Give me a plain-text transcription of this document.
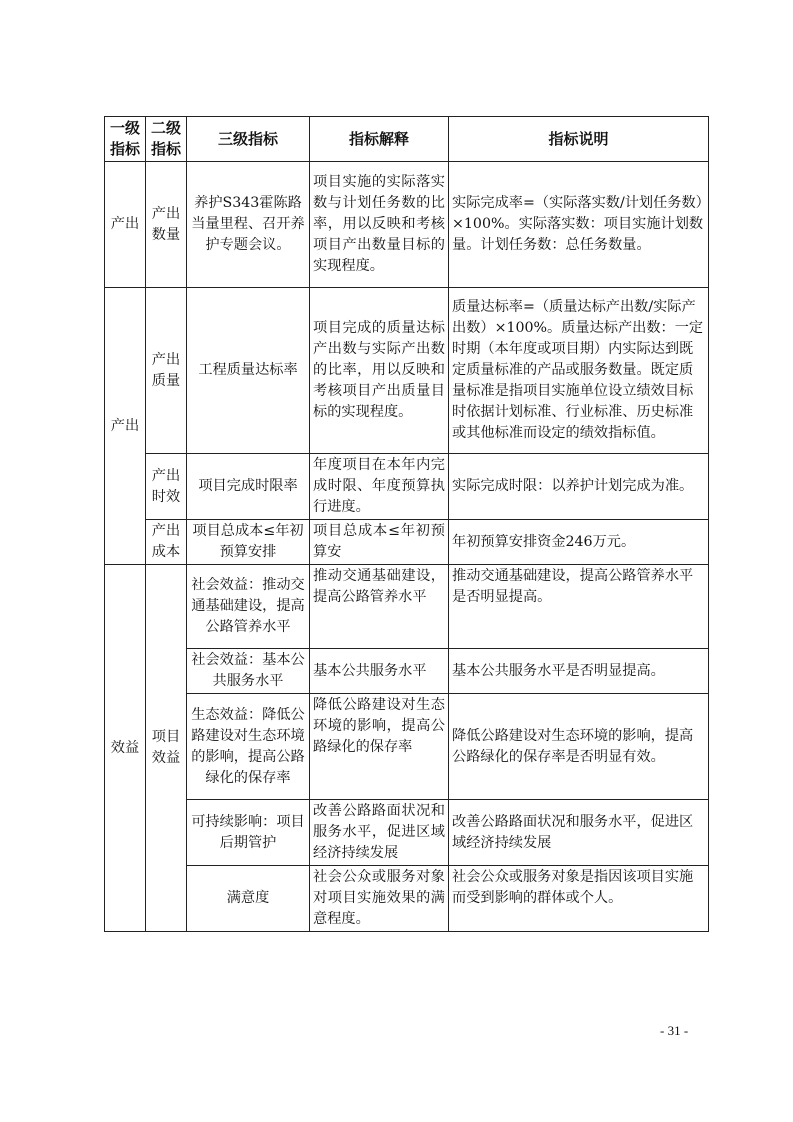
一级指标	二级指标	三级指标	指标解释	指标说明
产出	产出数量	养护S343霍陈路当量里程、召开养护专题会议。	项目实施的实际落实数与计划任务数的比率，用以反映和考核项目产出数量目标的实现程度。	实际完成率=（实际落实数/计划任务数）×100%。实际落实数：项目实施计划数量。计划任务数：总任务数量。
产出	产出质量	工程质量达标率	项目完成的质量达标产出数与实际产出数的比率，用以反映和考核项目产出质量目标的实现程度。	质量达标率=（质量达标产出数/实际产出数）×100%。质量达标产出数：一定时期（本年度或项目期）内实际达到既定质量标准的产品或服务数量。既定质量标准是指项目实施单位设立绩效目标时依据计划标准、行业标准、历史标准或其他标准而设定的绩效指标值。
	产出时效	项目完成时限率	年度项目在本年内完成时限、年度预算执行进度。	实际完成时限：以养护计划完成为准。
	产出成本	项目总成本≤年初预算安排	项目总成本≤年初预算安	年初预算安排资金246万元。
效益	项目效益	社会效益：推动交通基础建设，提高公路管养水平	推动交通基础建设，提高公路管养水平	推动交通基础建设，提高公路管养水平是否明显提高。
		社会效益：基本公共服务水平	基本公共服务水平	基本公共服务水平是否明显提高。
		生态效益：降低公路建设对生态环境的影响，提高公路绿化的保存率	降低公路建设对生态环境的影响，提高公路绿化的保存率	降低公路建设对生态环境的影响，提高公路绿化的保存率是否明显有效。
		可持续影响：项目后期管护	改善公路路面状况和服务水平，促进区域经济持续发展	改善公路路面状况和服务水平，促进区域经济持续发展
		满意度	社会公众或服务对象对项目实施效果的满意程度。	社会公众或服务对象是指因该项目实施而受到影响的群体或个人。
- 31 -
